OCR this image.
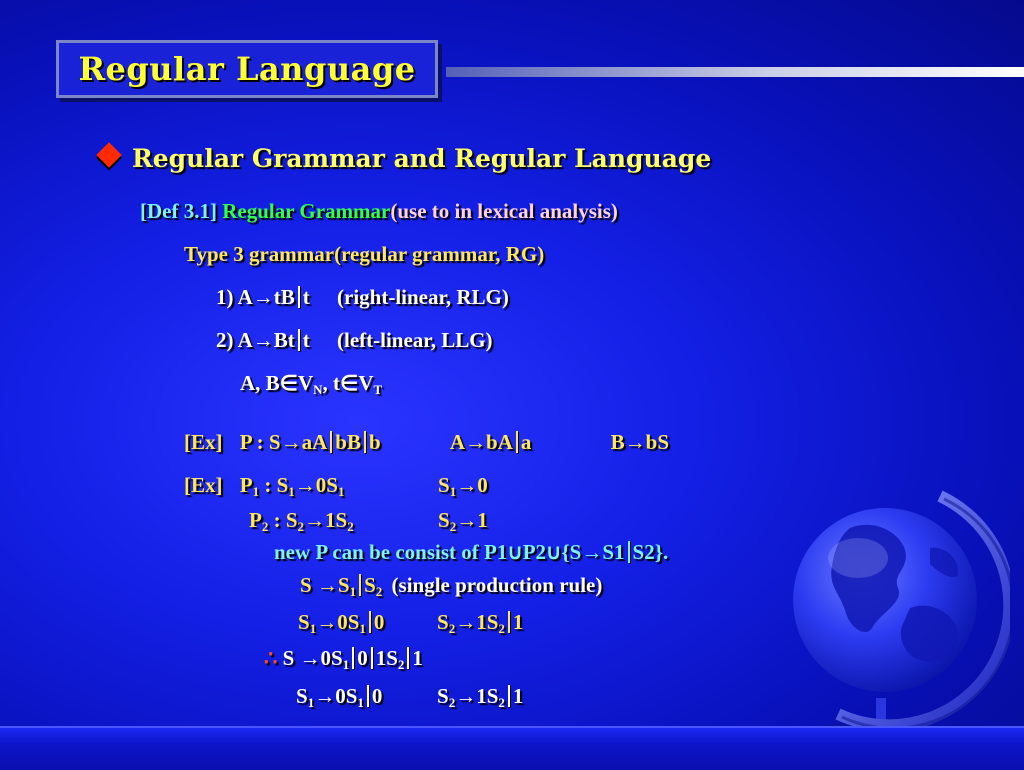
Regular Language
Regular Grammar and Regular Language
[Def 3.1] Regular Grammar(use to in lexical analysis)
Type 3 grammar(regular grammar, RG)
1) A→tB t (right-linear, RLG)
2) A→Bt t (left-linear, LLG)
A, $B\in V_N$, $t\in V_T$
[Ex] P : S→aA bB b	A→bA a	B→bS
[Ex] $P_1$ : $S_1\to 0S_1$	$S_1\to 0$
$P_2$ : $S_2\to 1S_2$	$S_2\to 1$
new P can be consist of P1∪P2∪{S→S1 S2}.
$S \to S_1$ $S_2$ (single production rule)
$S_1\to 0S_1$ 0	$S_2\to 1S_2$ 1
∴ $S \to 0S_1$ 0 $1S_2$ 1
$S_1\to 0S_1$ 0	$S_2\to 1S_2$ 1
